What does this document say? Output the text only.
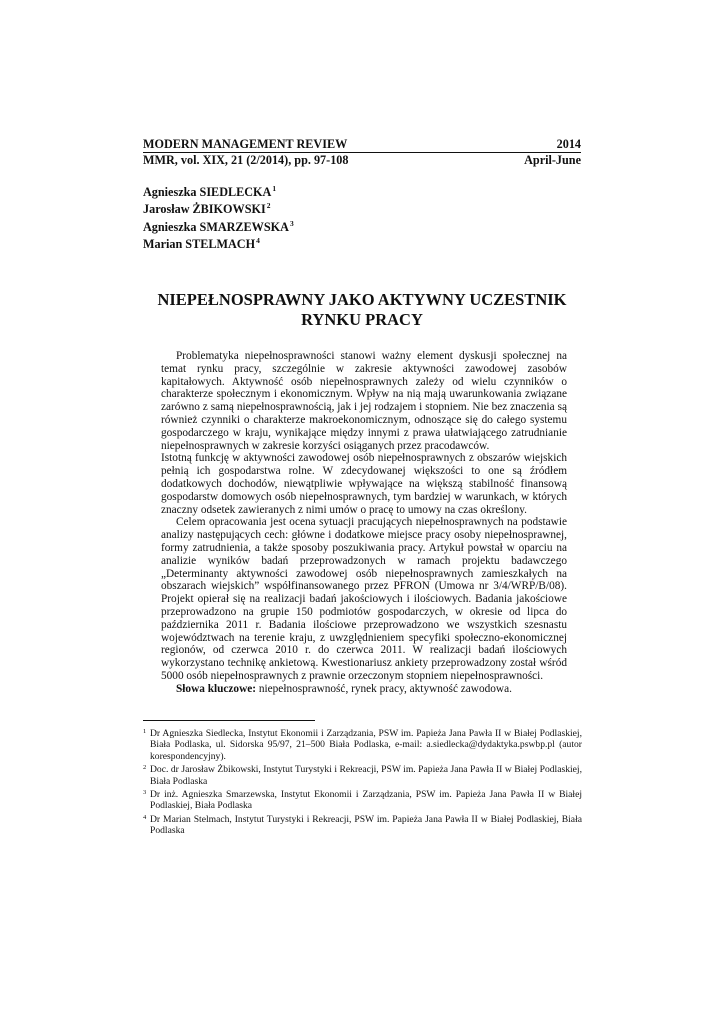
MODERN MANAGEMENT REVIEW	2014
MMR, vol. XIX, 21 (2/2014), pp. 97-108	April-June
Agnieszka SIEDLECKA$^1$
Jarosław ŻBIKOWSKI$^2$
Agnieszka SMARZEWSKA$^3$
Marian STELMACH$^4$
NIEPEŁNOSPRAWNY JAKO AKTYWNY UCZESTNIK
RYNKU PRACY

Problematyka niepełnosprawności stanowi ważny element dyskusji społecznej na temat rynku pracy, szczególnie w zakresie aktywności zawodowej zasobów kapitałowych. Aktywność osób niepełnosprawnych zależy od wielu czynników o charakterze społecznym i ekonomicznym. Wpływ na nią mają uwarunkowania związane zarówno z samą niepełnosprawnością, jak i jej rodzajem i stopniem. Nie bez znaczenia są również czynniki o charakterze makroekonomicznym, odnoszące się do całego systemu gospodarczego w kraju, wynikające między innymi z prawa ułatwiającego zatrudnianie niepełnosprawnych w zakresie korzyści osiąganych przez pracodawców.

Istotną funkcję w aktywności zawodowej osób niepełnosprawnych z obszarów wiejskich pełnią ich gospodarstwa rolne. W zdecydowanej większości to one są źródłem dodatkowych dochodów, niewątpliwie wpływające na większą stabilność finansową gospodarstw domowych osób niepełnosprawnych, tym bardziej w warunkach, w których znaczny odsetek zawieranych z nimi umów o pracę to umowy na czas określony.

Celem opracowania jest ocena sytuacji pracujących niepełnosprawnych na podstawie analizy następujących cech: główne i dodatkowe miejsce pracy osoby niepełnosprawnej, formy zatrudnienia, a także sposoby poszukiwania pracy. Artykuł powstał w oparciu na analizie wyników badań przeprowadzonych w ramach projektu badawczego „Determinanty aktywności zawodowej osób niepełnosprawnych zamieszkałych na obszarach wiejskich” współfinansowanego przez PFRON (Umowa nr 3/4/WRP/B/08). Projekt opierał się na realizacji badań jakościowych i ilościowych. Badania jakościowe przeprowadzono na grupie 150 podmiotów gospodarczych, w okresie od lipca do października 2011 r. Badania ilościowe przeprowadzono we wszystkich szesnastu województwach na terenie kraju, z uwzględnieniem specyfiki społeczno-ekonomicznej regionów, od czerwca 2010 r. do czerwca 2011. W realizacji badań ilościowych wykorzystano technikę ankietową. Kwestionariusz ankiety przeprowadzony został wśród 5000 osób niepełnosprawnych z prawnie orzeczonym stopniem niepełnosprawności.

Słowa kluczowe: niepełnosprawność, rynek pracy, aktywność zawodowa.

1 Dr Agnieszka Siedlecka, Instytut Ekonomii i Zarządzania, PSW im. Papieża Jana Pawła II w Białej Podlaskiej, Biała Podlaska, ul. Sidorska 95/97, 21–500 Biała Podlaska, e-mail: a.siedlecka@dydaktyka.pswbp.pl (autor korespondencyjny).
2 Doc. dr Jarosław Żbikowski, Instytut Turystyki i Rekreacji, PSW im. Papieża Jana Pawła II w Białej Podlaskiej, Biała Podlaska
3 Dr inż. Agnieszka Smarzewska, Instytut Ekonomii i Zarządzania, PSW im. Papieża Jana Pawła II w Białej Podlaskiej, Biała Podlaska
4 Dr Marian Stelmach, Instytut Turystyki i Rekreacji, PSW im. Papieża Jana Pawła II w Białej Podlaskiej, Biała Podlaska
